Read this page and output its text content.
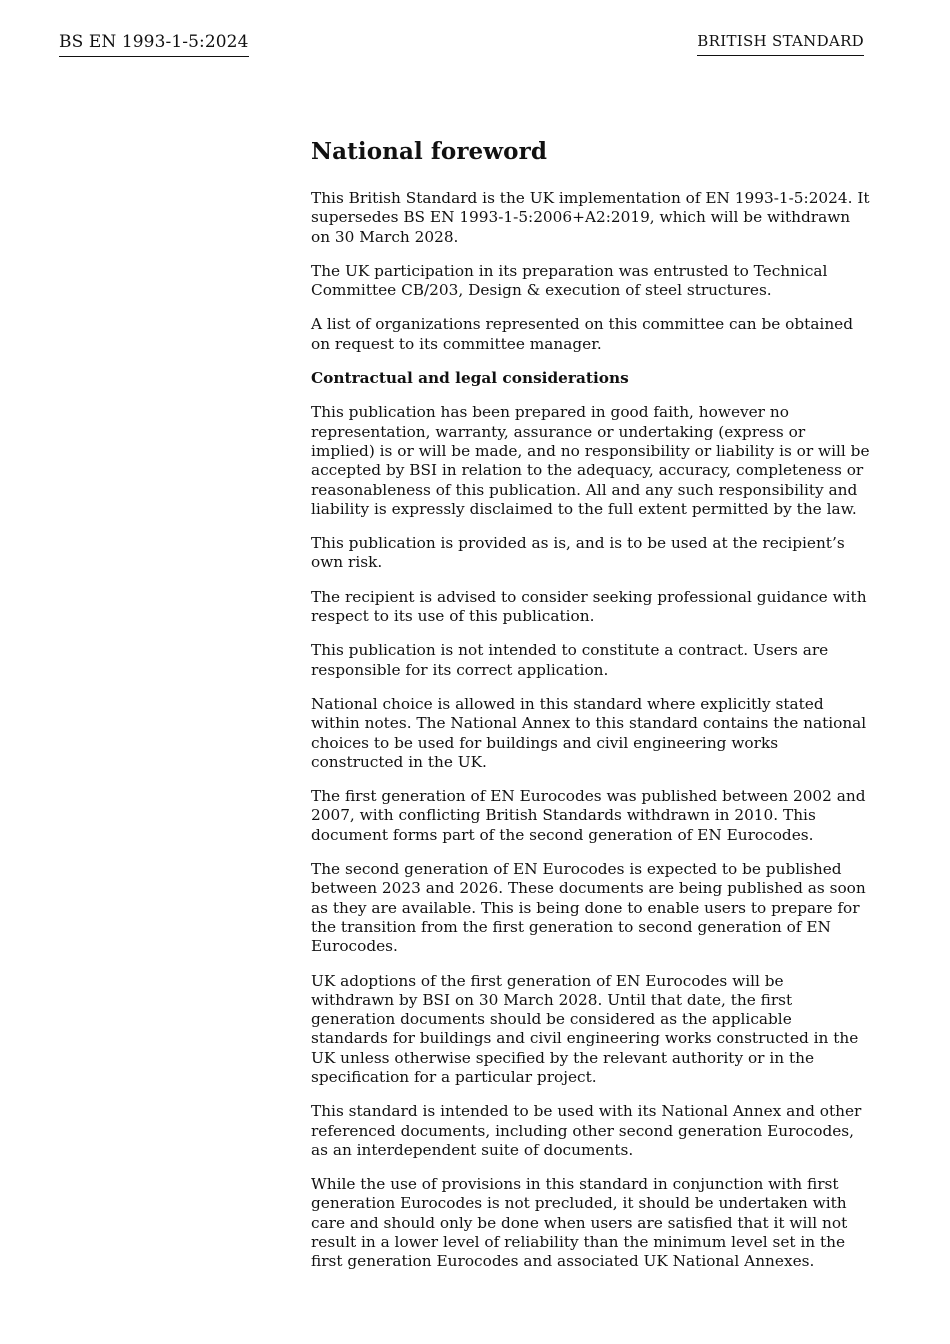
BS EN 1993-1-5:2024	BRITISH STANDARD
National foreword

This British Standard is the UK implementation of EN 1993-1-5:2024. It supersedes BS EN 1993-1-5:2006+A2:2019, which will be withdrawn on 30 March 2028.

The UK participation in its preparation was entrusted to Technical Committee CB/203, Design & execution of steel structures.

A list of organizations represented on this committee can be obtained on request to its committee manager.

Contractual and legal considerations

This publication has been prepared in good faith, however no representation, warranty, assurance or undertaking (express or implied) is or will be made, and no responsibility or liability is or will be accepted by BSI in relation to the adequacy, accuracy, completeness or reasonableness of this publication. All and any such responsibility and liability is expressly disclaimed to the full extent permitted by the law.

This publication is provided as is, and is to be used at the recipient’s own risk.

The recipient is advised to consider seeking professional guidance with respect to its use of this publication.

This publication is not intended to constitute a contract. Users are responsible for its correct application.

National choice is allowed in this standard where explicitly stated within notes. The National Annex to this standard contains the national choices to be used for buildings and civil engineering works constructed in the UK.

The first generation of EN Eurocodes was published between 2002 and 2007, with conflicting British Standards withdrawn in 2010. This document forms part of the second generation of EN Eurocodes.

The second generation of EN Eurocodes is expected to be published between 2023 and 2026. These documents are being published as soon as they are available. This is being done to enable users to prepare for the transition from the first generation to second generation of EN Eurocodes.

UK adoptions of the first generation of EN Eurocodes will be withdrawn by BSI on 30 March 2028. Until that date, the first generation documents should be considered as the applicable standards for buildings and civil engineering works constructed in the UK unless otherwise specified by the relevant authority or in the specification for a particular project.

This standard is intended to be used with its National Annex and other referenced documents, including other second generation Eurocodes, as an interdependent suite of documents.

While the use of provisions in this standard in conjunction with first generation Eurocodes is not precluded, it should be undertaken with care and should only be done when users are satisfied that it will not result in a lower level of reliability than the minimum level set in the first generation Eurocodes and associated UK National Annexes.
